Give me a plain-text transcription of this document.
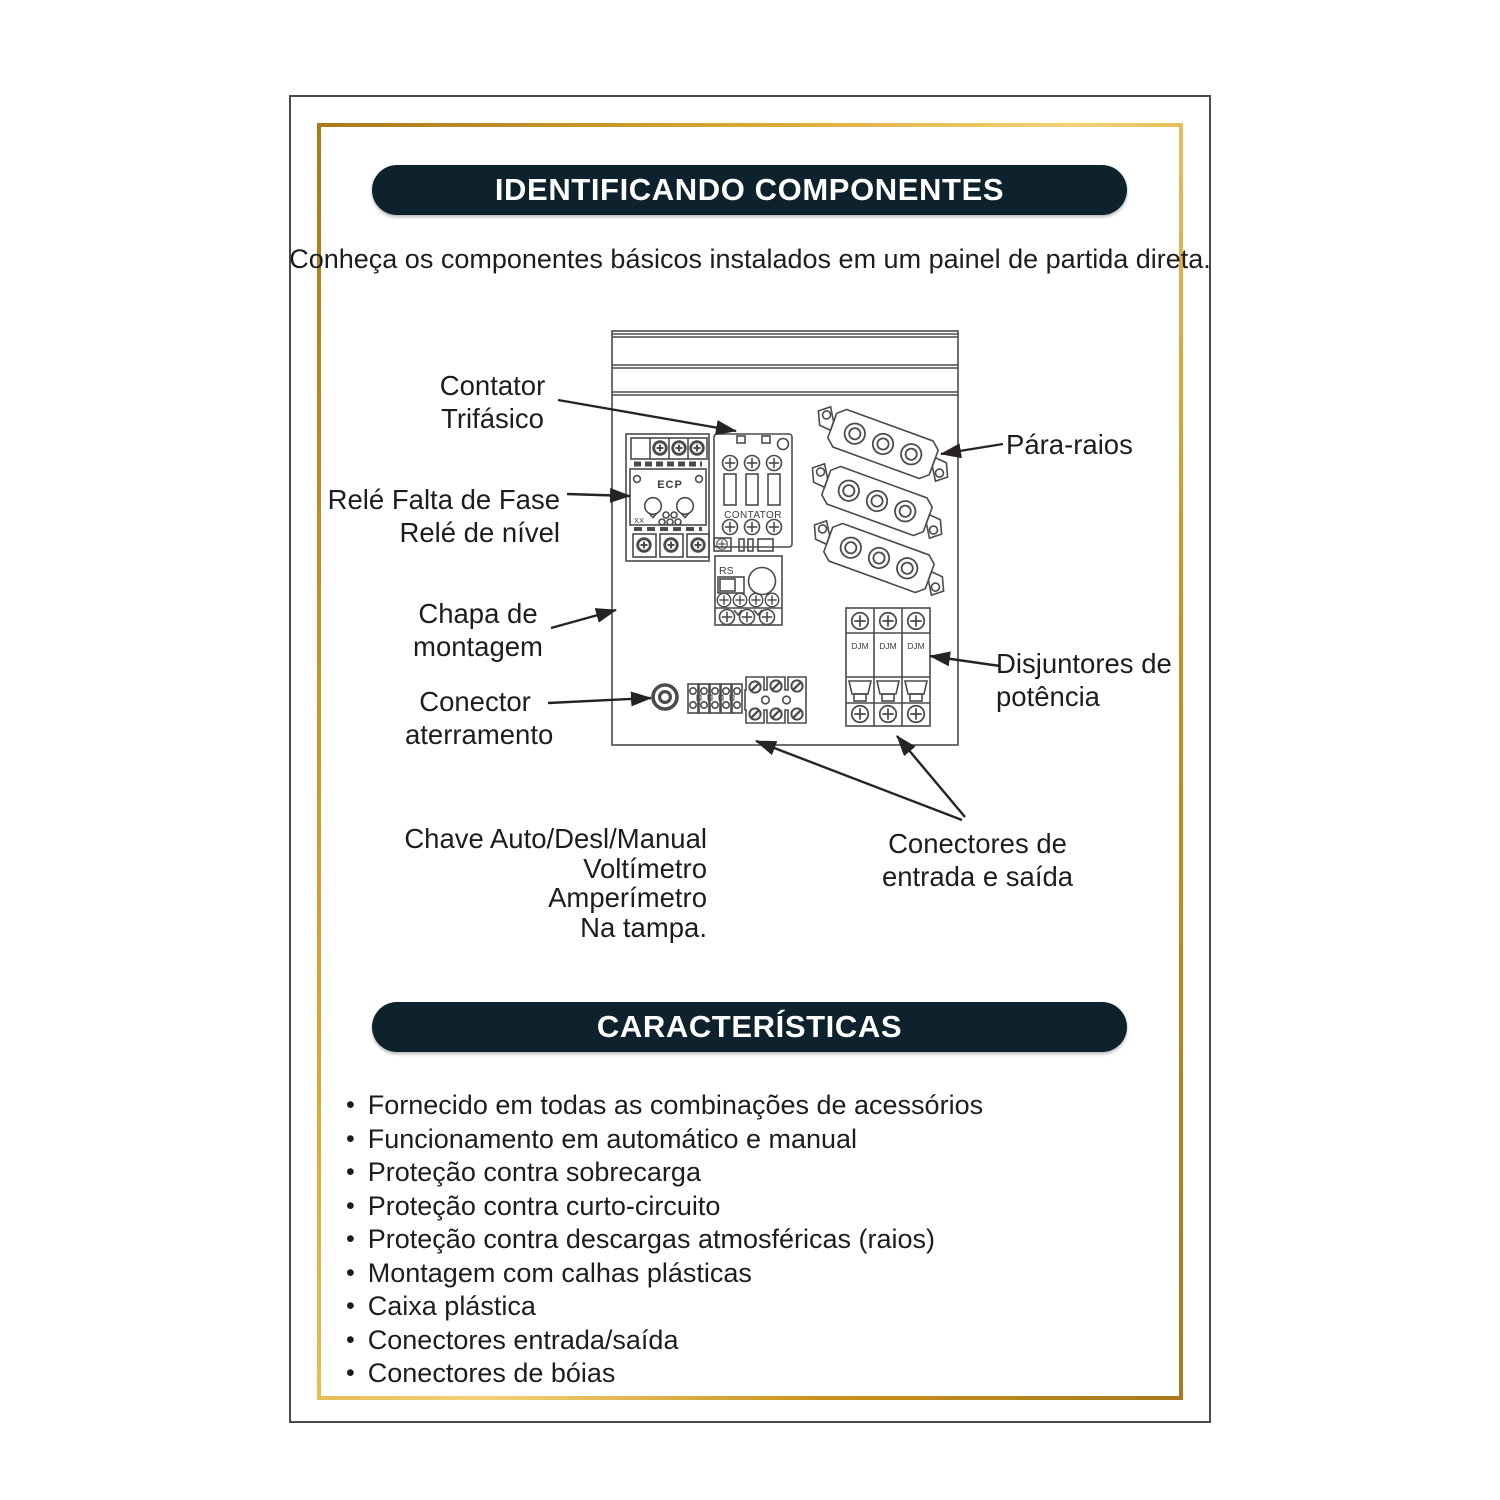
IDENTIFICANDO COMPONENTES
Conheça os componentes básicos instalados em um painel de partida direta.
ECP
XX	CONTATOR
RS
DJM DJM DJM
Contator
Trifásico
Relé Falta de Fase
Relé de nível
Chapa de
montagem
Conector
aterramento
Pára-raios
Disjuntores de
potência
Conectores de
entrada e saída
Chave Auto/Desl/Manual
Voltímetro
Amperímetro
Na tampa.
CARACTERÍSTICAS
• Fornecido em todas as combinações de acessórios
• Funcionamento em automático e manual
• Proteção contra sobrecarga
• Proteção contra curto-circuito
• Proteção contra descargas atmosféricas (raios)
• Montagem com calhas plásticas
• Caixa plástica
• Conectores entrada/saída
• Conectores de bóias
